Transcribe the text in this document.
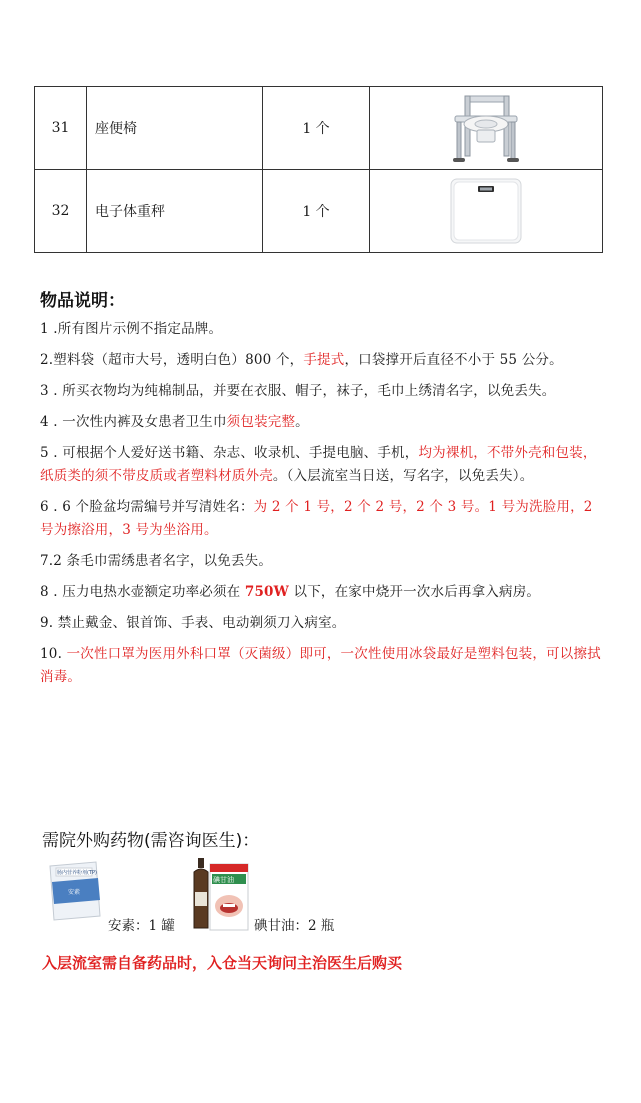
31	座便椅	1 个	

32	电子体重秤	1 个	
物品说明：
1 .所有图片示例不指定品牌。
2.塑料袋（超市大号，透明白色）800 个，手提式，口袋撑开后直径不小于 55 公分。
3 . 所买衣物均为纯棉制品，并要在衣服、帽子，袜子，毛巾上绣清名字，以免丢失。
4 . 一次性内裤及女患者卫生巾须包装完整。
5 . 可根据个人爱好送书籍、杂志、收录机、手提电脑、手机，均为裸机，不带外壳和包装，纸质类的须不带皮质或者塑料材质外壳。（入层流室当日送，写名字，以免丢失）。
6 . 6 个脸盆均需编号并写清姓名：为 2 个 1 号，2 个 2 号，2 个 3 号。1 号为洗脸用，2 号为擦浴用，3 号为坐浴用。
7.2 条毛巾需绣患者名字，以免丢失。
8 . 压力电热水壶额定功率必须在 750W 以下，在家中烧开一次水后再拿入病房。
9. 禁止戴金、银首饰、手表、电动剃须刀入病室。
10. 一次性口罩为医用外科口罩（灭菌级）即可，一次性使用冰袋最好是塑料包装，可以擦拭消毒。
需院外购药物(需咨询医生)：
肠内营养粉剂(TP)
安素
安素：1 罐
碘甘油
碘甘油：2 瓶
入层流室需自备药品时，入仓当天询问主治医生后购买
